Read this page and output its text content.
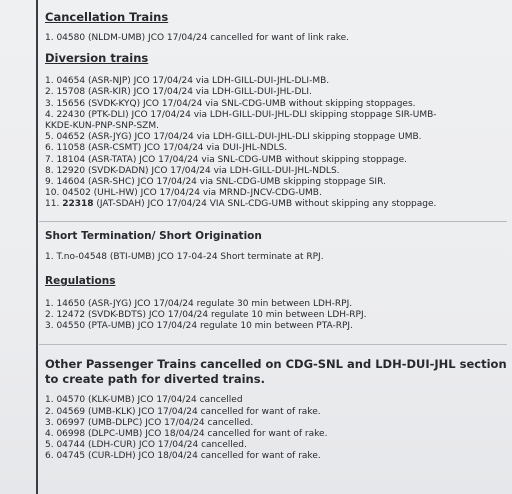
Cancellation Trains
1. 04580 (NLDM-UMB) JCO 17/04/24 cancelled for want of link rake.
Diversion trains
1. 04654 (ASR-NJP) JCO 17/04/24 via LDH-GILL-DUI-JHL-DLI-MB.
2. 15708 (ASR-KIR) JCO 17/04/24 via LDH-GILL-DUI-JHL-DLI.
3. 15656 (SVDK-KYQ) JCO 17/04/24 via SNL-CDG-UMB without skipping stoppages.
4. 22430 (PTK-DLI) JCO 17/04/24 via LDH-GILL-DUI-JHL-DLI skipping stoppage SIR-UMB-
KKDE-KUN-PNP-SNP-SZM.
5. 04652 (ASR-JYG) JCO 17/04/24 via LDH-GILL-DUI-JHL-DLI skipping stoppage UMB.
6. 11058 (ASR-CSMT) JCO 17/04/24 via DUI-JHL-NDLS.
7. 18104 (ASR-TATA) JCO 17/04/24 via SNL-CDG-UMB without skipping stoppage.
8. 12920 (SVDK-DADN) JCO 17/04/24 via LDH-GILL-DUI-JHL-NDLS.
9. 14604 (ASR-SHC) JCO 17/04/24 via SNL-CDG-UMB skipping stoppage SIR.
10. 04502 (UHL-HW) JCO 17/04/24 via MRND-JNCV-CDG-UMB.
11. 22318 (JAT-SDAH) JCO 17/04/24 VIA SNL-CDG-UMB without skipping any stoppage.
Short Termination/ Short Origination
1. T.no-04548 (BTI-UMB) JCO 17-04-24 Short terminate at RPJ.
Regulations
1. 14650 (ASR-JYG) JCO 17/04/24 regulate 30 min between LDH-RPJ.
2. 12472 (SVDK-BDTS) JCO 17/04/24 regulate 10 min between LDH-RPJ.
3. 04550 (PTA-UMB) JCO 17/04/24 regulate 10 min between PTA-RPJ.
Other Passenger Trains cancelled on CDG-SNL and LDH-DUI-JHL section
to create path for diverted trains.
1. 04570 (KLK-UMB) JCO 17/04/24 cancelled
2. 04569 (UMB-KLK) JCO 17/04/24 cancelled for want of rake.
3. 06997 (UMB-DLPC) JCO 17/04/24 cancelled.
4. 06998 (DLPC-UMB) JCO 18/04/24 cancelled for want of rake.
5. 04744 (LDH-CUR) JCO 17/04/24 cancelled.
6. 04745 (CUR-LDH) JCO 18/04/24 cancelled for want of rake.
